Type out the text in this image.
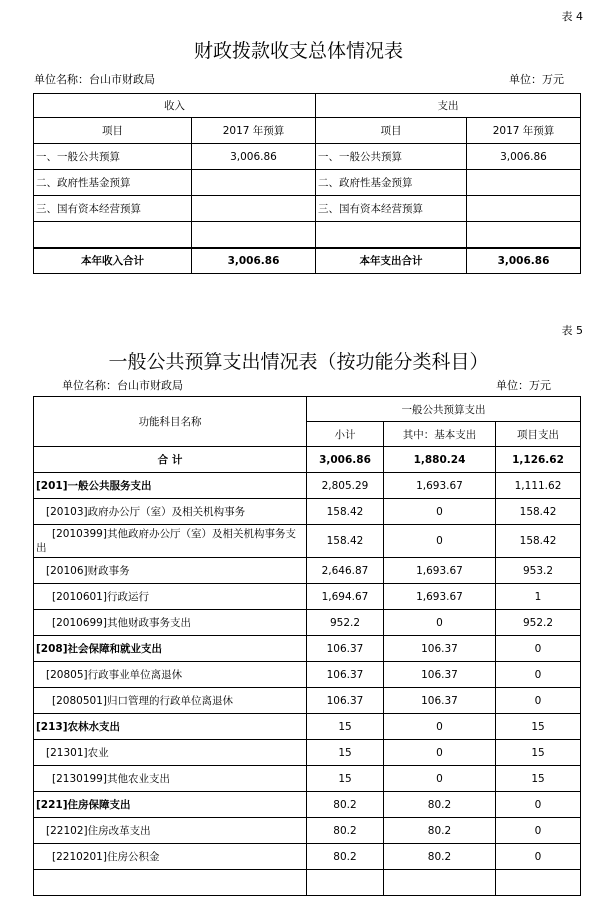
表 4
财政拨款收支总体情况表
单位名称：台山市财政局	单位：万元
收入		支出	
项目	2017 年预算	项目	2017 年预算
一、一般公共预算	3,006.86	一、一般公共预算	3,006.86
二、政府性基金预算		二、政府性基金预算	
三、国有资本经营预算		三、国有资本经营预算	

本年收入合计	3,006.86	本年支出合计	3,006.86
表 5
一般公共预算支出情况表（按功能分类科目）
单位名称：台山市财政局	单位：万元
功能科目名称	一般公共预算支出		
	小计	其中：基本支出	项目支出
合 计	3,006.86	1,880.24	1,126.62
[201]一般公共服务支出	2,805.29	1,693.67	1,111.62
[20103]政府办公厅（室）及相关机构事务	158.42	0	158.42
[2010399]其他政府办公厅（室）及相关机构事务支出	158.42	0	158.42
[20106]财政事务	2,646.87	1,693.67	953.2
[2010601]行政运行	1,694.67	1,693.67	1
[2010699]其他财政事务支出	952.2	0	952.2
[208]社会保障和就业支出	106.37	106.37	0
[20805]行政事业单位离退休	106.37	106.37	0
[2080501]归口管理的行政单位离退休	106.37	106.37	0
[213]农林水支出	15	0	15
[21301]农业	15	0	15
[2130199]其他农业支出	15	0	15
[221]住房保障支出	80.2	80.2	0
[22102]住房改革支出	80.2	80.2	0
[2210201]住房公积金	80.2	80.2	0
